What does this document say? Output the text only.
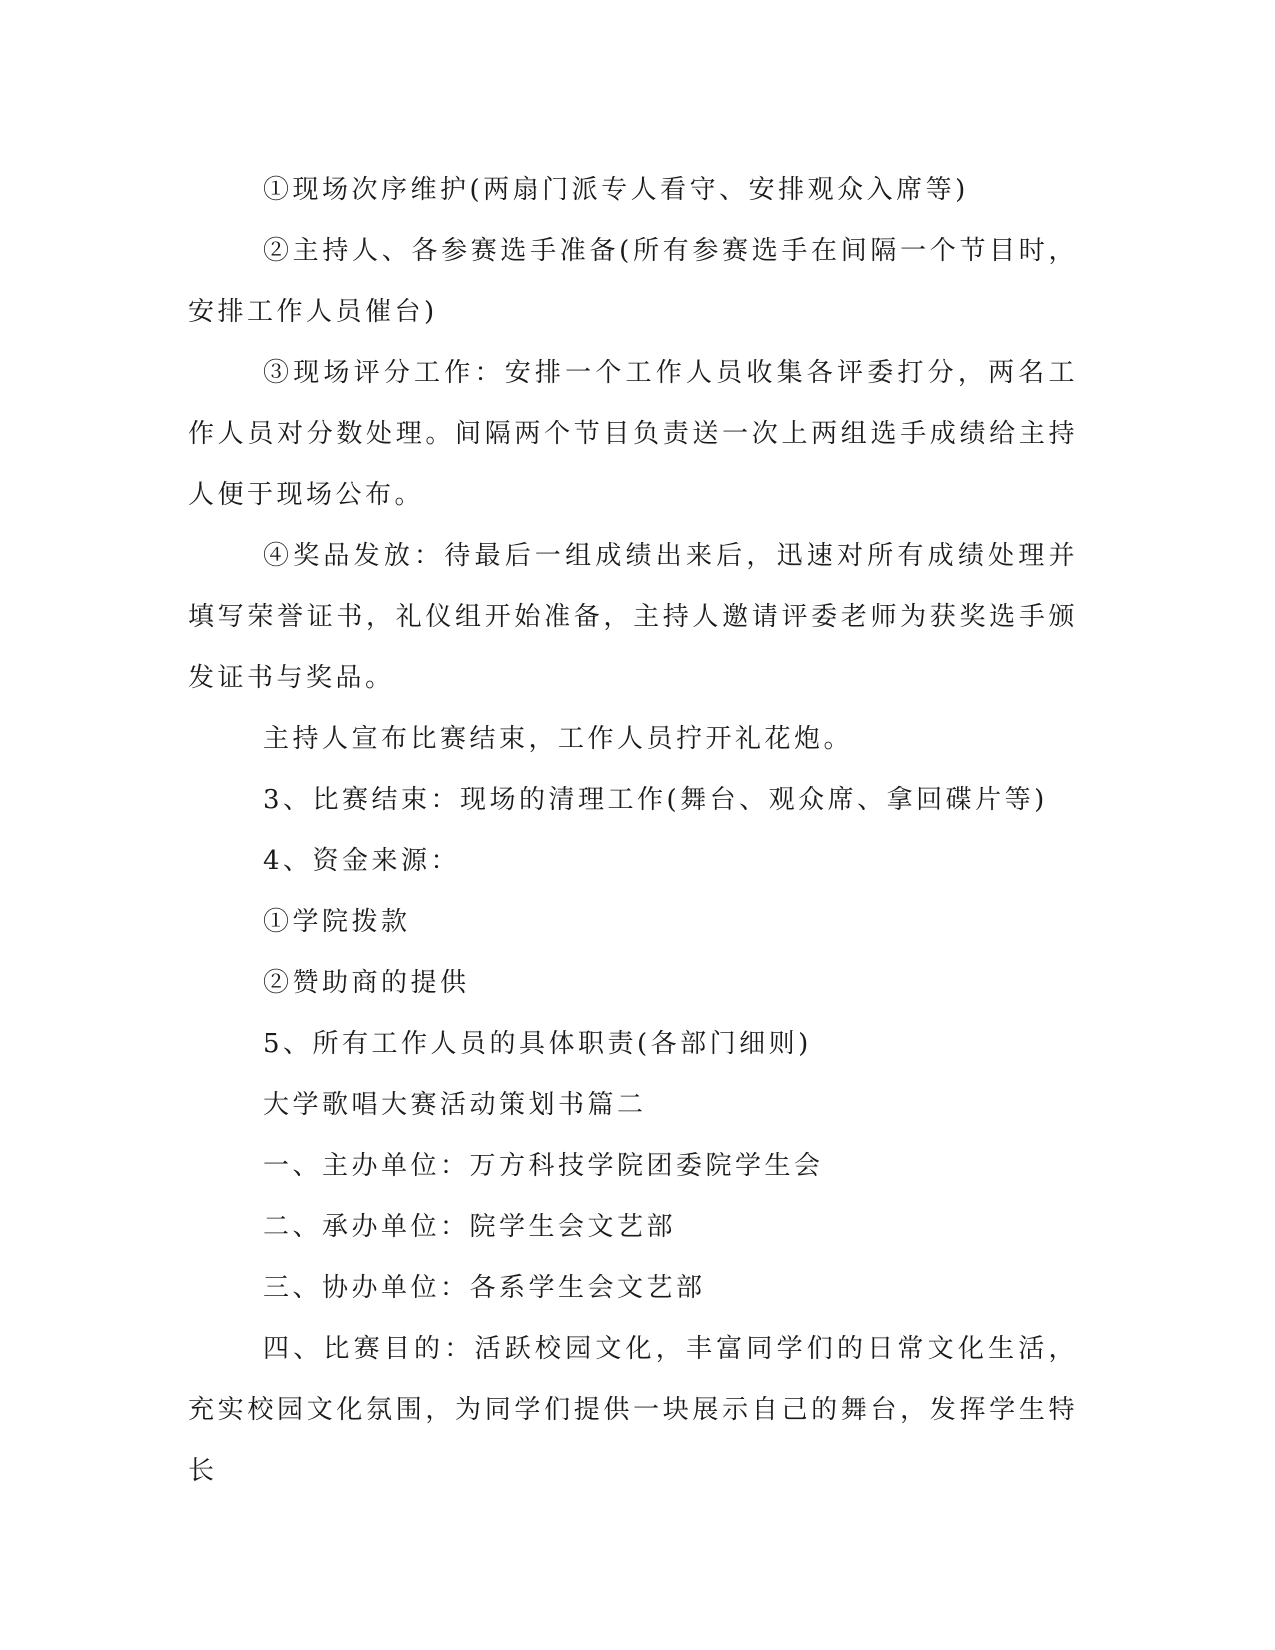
①现场次序维护(两扇门派专人看守、安排观众入席等)

②主持人、各参赛选手准备(所有参赛选手在间隔一个节目时，安排工作人员催台)

③现场评分工作：安排一个工作人员收集各评委打分，两名工作人员对分数处理。间隔两个节目负责送一次上两组选手成绩给主持人便于现场公布。

④奖品发放：待最后一组成绩出来后，迅速对所有成绩处理并填写荣誉证书，礼仪组开始准备，主持人邀请评委老师为获奖选手颁发证书与奖品。

主持人宣布比赛结束，工作人员拧开礼花炮。

3、比赛结束：现场的清理工作(舞台、观众席、拿回碟片等)

4、资金来源：

①学院拨款

②赞助商的提供

5、所有工作人员的具体职责(各部门细则)

大学歌唱大赛活动策划书篇二

一、主办单位：万方科技学院团委院学生会

二、承办单位：院学生会文艺部

三、协办单位：各系学生会文艺部

四、比赛目的：活跃校园文化，丰富同学们的日常文化生活，充实校园文化氛围，为同学们提供一块展示自己的舞台，发挥学生特长
